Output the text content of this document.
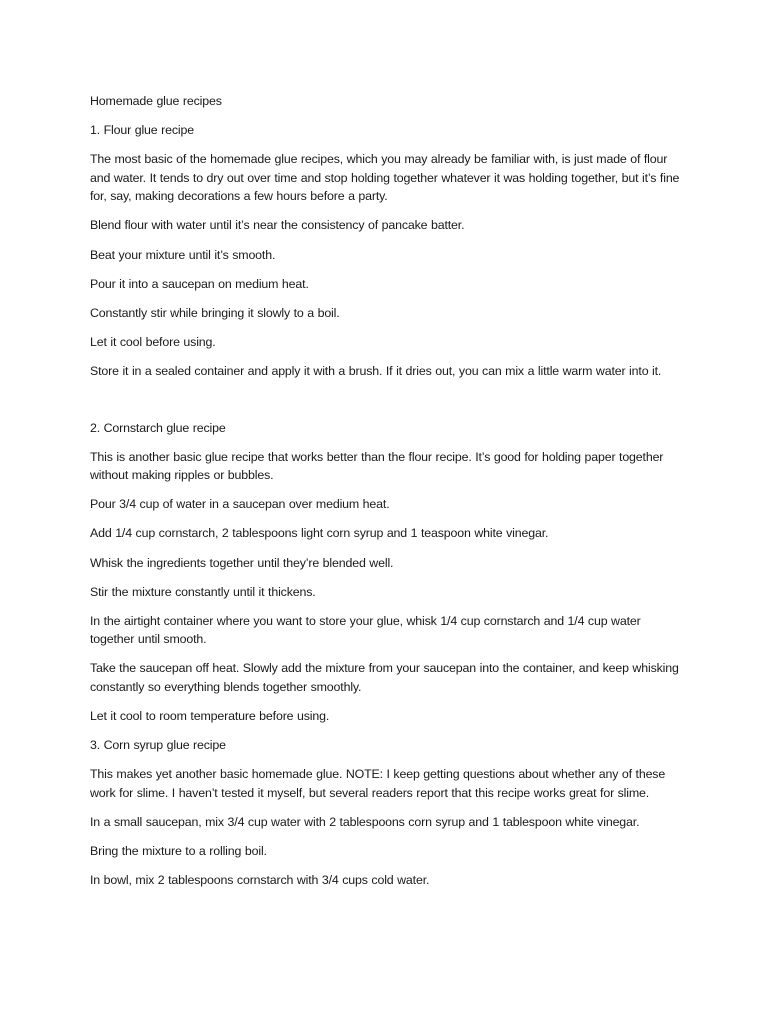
Homemade glue recipes

1. Flour glue recipe

The most basic of the homemade glue recipes, which you may already be familiar with, is just made of flour and water. It tends to dry out over time and stop holding together whatever it was holding together, but it’s fine for, say, making decorations a few hours before a party.

Blend flour with water until it’s near the consistency of pancake batter.

Beat your mixture until it’s smooth.

Pour it into a saucepan on medium heat.

Constantly stir while bringing it slowly to a boil.

Let it cool before using.

Store it in a sealed container and apply it with a brush. If it dries out, you can mix a little warm water into it.

2. Cornstarch glue recipe

This is another basic glue recipe that works better than the flour recipe. It’s good for holding paper together without making ripples or bubbles.

Pour 3/4 cup of water in a saucepan over medium heat.

Add 1/4 cup cornstarch, 2 tablespoons light corn syrup and 1 teaspoon white vinegar.

Whisk the ingredients together until they’re blended well.

Stir the mixture constantly until it thickens.

In the airtight container where you want to store your glue, whisk 1/4 cup cornstarch and 1/4 cup water together until smooth.

Take the saucepan off heat. Slowly add the mixture from your saucepan into the container, and keep whisking constantly so everything blends together smoothly.

Let it cool to room temperature before using.

3. Corn syrup glue recipe

This makes yet another basic homemade glue. NOTE: I keep getting questions about whether any of these work for slime. I haven’t tested it myself, but several readers report that this recipe works great for slime.

In a small saucepan, mix 3/4 cup water with 2 tablespoons corn syrup and 1 tablespoon white vinegar.

Bring the mixture to a rolling boil.

In bowl, mix 2 tablespoons cornstarch with 3/4 cups cold water.
